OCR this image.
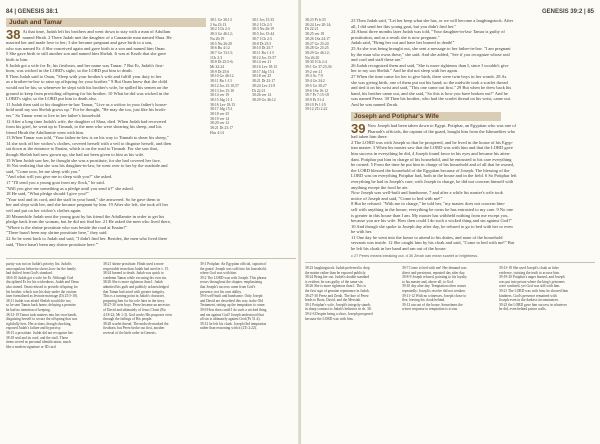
84 | GENESIS 38:1
Judah and Tamar
38 At that time, Judah left his brothers and went down to stay with a man of Adullam
named Hirah. 2 There Judah met the daughter of a Canaanite man named Shua. He
married her and made love to her; 3 she became pregnant and gave birth to a son,
who was named Er. 4 She conceived again and gave birth to a son and named him Onan.
5 She gave birth to still another son and named him Shelah. It was at Kezib that she gave
birth to him.
6 Judah got a wife for Er, his firstborn, and her name was Tamar. 7 But Er, Judah's first-
born, was wicked in the LORD's sight; so the LORD put him to death.
8 Then Judah said to Onan, "Sleep with your brother's wife and fulfill your duty to her
as a brother-in-law to raise up offspring for your brother." 9 But Onan knew that the child
would not be his; so whenever he slept with his brother's wife, he spilled his semen on the
ground to keep from providing offspring for his brother. 10 What he did was wicked in the
LORD's sight; so the LORD put him to death also.
11 Judah then said to his daughter-in-law Tamar, "Live as a widow in your father's house-
hold until my son Shelah grows up." For he thought, "He may die too, just like his broth-
ers." So Tamar went to live in her father's household.
12 After a long time Judah's wife, the daughter of Shua, died. When Judah had recovered
from his grief, he went up to Timnah, to the men who were shearing his sheep, and his
friend Hirah the Adullamite went with him.
13 When Tamar was told, "Your father-in-law is on his way to Timnah to shear his sheep,"
14 she took off her widow's clothes, covered herself with a veil to disguise herself, and then
sat down at the entrance to Enaim, which is on the road to Timnah. For she saw that,
though Shelah had now grown up, she had not been given to him as his wife.
15 When Judah saw her, he thought she was a prostitute, for she had covered her face.
16 Not realizing that she was his daughter-in-law, he went over to her by the roadside and
said, "Come now, let me sleep with you."
"And what will you give me to sleep with you?" she asked.
17 "I'll send you a young goat from my flock," he said.
"Will you give me something as a pledge until you send it?" she asked.
18 He said, "What pledge should I give you?"
"Your seal and its cord, and the staff in your hand," she answered. So he gave them to
her and slept with her, and she became pregnant by him. 19 After she left, she took off her
veil and put on her widow's clothes again.
20 Meanwhile Judah sent the young goat by his friend the Adullamite in order to get his
pledge back from the woman, but he did not find her. 21 He asked the men who lived there,
"Where is the shrine prostitute who was beside the road at Enaim?"
"There hasn't been any shrine prostitute here," they said.
22 So he went back to Judah and said, "I didn't find her. Besides, the men who lived there
said, 'There hasn't been any shrine prostitute here.'"
38:1 Ge 30:13
2 Sa 23:13
38:2 1Ch 2:3
38:3 Ge 46:12;
Nu 26:19
38:5 Nu 26:20
38:6 Ru 4:12
38:7 Ge 13:13;
1Ch 2:3
38:8 Dt 25:5-6;
Mt 22:24
38:9 Dt 25:6
38:10 Ge 46:12
38:11 Ru 1:13
38:12 Jos 15:10,57
38:13 Jos 15:10
38:14 ver 19
38:15 Jdg 11:1
38:16 Lev 18:15
38:17 Jdg 15:1
38:18 ver 25
38:19 ver 14
38:20 ver 12
38:21 Dt 23:17
Hos 4:14
38:1 Jos 15:35
38:2 1Ch 2:3
38:3 Nu 26:19
38:5 Jos 15:44
38:7 1Ch 2:3
38:8 Dt 25:5
38:10 Dt 25:7
38:11 Ru 1:13
38:12 Jos 15:57
38:14 ver 21
38:16 Lev 18:15
38:17 Jdg 15:1
38:18 ver 25
38:21 Dt 23:17
38:24 Lev 21:9
Dt 22:21
38:26 ver 14
38:29 Ge 46:12
purity was not on Judah's priority list. Judah's
unscrupulous behavior shows how far the family
had drifted from God's standard.
38:6-10 Judah got a wife for Er. Although God
disciplined Er for his wickedness, Judah and Onan
also sinned. Onan refused to provide offspring for
his brother, which was his duty under the custom
later formalized as levirate marriage (Dt 25:5-10).
38:11 Judah was afraid Shelah would die too,
so he sent Tamar back home, delaying a promise
he had no intention of keeping.
38:12-19 Tamar took matters into her own hands,
disguising herself to secure the offspring that was
rightfully hers. Her actions, though shocking,
exposed Judah's failure and hypocrisy.
38:15 a prostitute. Judah did not recognize her.
38:18 seal and its cord, and the staff. These
items served as personal identification, much
like a modern signature or ID card.
38:21 shrine prostitute. Hirah used a more
respectable term than Judah had used in v. 15.
38:24 burned to death. Judah was quick to
condemn Tamar while excusing his own sin.
38:26 She is more righteous than I. Judah
admitted his guilt and publicly acknowledged
that Tamar had acted with greater integrity.
This is a turning point in Judah's character,
preparing him for his role later in the story.
38:27-30 twin boys. Perez became an ancestor
of David and ultimately of Jesus Christ (Ru
4:18-22; Mt 1:3). God works His purposes even
through the failings of His people.
38:28 scarlet thread. The midwife marked the
firstborn, but Perez broke out first, another
reversal of the birth order in Genesis.
39:1 Potiphar. An Egyptian official, captain of
the guard. Joseph was sold into his household,
where God was with him.
39:2 The LORD was with Joseph. This phrase
recurs throughout the chapter, emphasizing
that Joseph's success came from God's
presence, not his own ability.
39:6 well-built and handsome. Only Joseph
and David are described this way in the Old
Testament, setting up the temptation to come.
39:9 How then could I do such a wicked thing
and sin against God? Joseph understood that
all sin is ultimately against God (Ps 51:4).
39:12 he left his cloak. Joseph fled temptation
rather than reasoning with it (2Ti 2:22).
GENESIS 39:2 | 85
38:23 Pr 6:33
38:24 Lev 20:14;
Dt 22:21
38:25 ver 18
38:26 1Sa 24:17
38:27 Ge 25:24
38:28 Ge 25:25
38:29 Ge 46:12;
Nu 26:20
38:30 1Ch 2:4
39:1 Ge 37:25,36
39:2 ver 21
39:3 Ac 7:9
39:4 Ge 24:2
39:5 Ge 30:27
39:6 1Sa 16:12
39:7 Pr 7:15-18
39:9 Ps 51:4
39:10 Pr 1:10
39:12 2Ti 2:22
23 Then Judah said, "Let her keep what she has, or we will become a laughingstock. After
all, I did send her this young goat, but you didn't find her."
24 About three months later Judah was told, "Your daughter-in-law Tamar is guilty of
prostitution, and as a result she is now pregnant."
Judah said, "Bring her out and have her burned to death!"
25 As she was being brought out, she sent a message to her father-in-law. "I am pregnant
by the man who owns these," she said. And she added, "See if you recognize whose seal
and cord and staff these are."
26 Judah recognized them and said, "She is more righteous than I, since I wouldn't give
her to my son Shelah." And he did not sleep with her again.
27 When the time came for her to give birth, there were twin boys in her womb. 28 As
she was giving birth, one of them put out his hand; so the midwife took a scarlet thread
and tied it on his wrist and said, "This one came out first." 29 But when he drew back his
hand, his brother came out, and she said, "So this is how you have broken out!" And he
was named Perez. 30 Then his brother, who had the scarlet thread on his wrist, came out.
And he was named Zerah.
Joseph and Potiphar's Wife
39 Now Joseph had been taken down to Egypt. Potiphar, an Egyptian who was one of
Pharaoh's officials, the captain of the guard, bought him from the Ishmaelites who
had taken him there.
2 The LORD was with Joseph so that he prospered, and he lived in the house of his Egyp-
tian master. 3 When his master saw that the LORD was with him and that the LORD gave
him success in everything he did, 4 Joseph found favor in his eyes and became his atten-
dant. Potiphar put him in charge of his household, and he entrusted to his care everything
he owned. 5 From the time he put him in charge of his household and of all that he owned,
the LORD blessed the household of the Egyptian because of Joseph. The blessing of the
LORD was on everything Potiphar had, both in the house and in the field. 6 So Potiphar left
everything he had in Joseph's care; with Joseph in charge, he did not concern himself with
anything except the food he ate.
Now Joseph was well-built and handsome, 7 and after a while his master's wife took
notice of Joseph and said, "Come to bed with me!"
8 But he refused. "With me in charge," he told her, "my master does not concern him-
self with anything in the house; everything he owns he has entrusted to my care. 9 No one
is greater in this house than I am. My master has withheld nothing from me except you,
because you are his wife. How then could I do such a wicked thing and sin against God?"
10 And though she spoke to Joseph day after day, he refused to go to bed with her or even
be with her.
11 One day he went into the house to attend to his duties, and none of the household
servants was inside. 12 She caught him by his cloak and said, "Come to bed with me!" But
he left his cloak in her hand and ran out of the house.
c 27 Peres means breaking out. d 30 Zerah can mean scarlet or brightness.
38:23 laughingstock. Judah preferred to drop
the matter rather than be exposed publicly.
38:24 Bring her out. Judah's double standard
is evident; he was guilty of the same sin.
38:26 She is more righteous than I. This is
the first sign of genuine repentance in Judah.
38:27-30 Perez and Zerah. The line of Perez
leads to Boaz, David, and the Messiah.
39:1 Potiphar's wife. Joseph's integrity stands
in sharp contrast to Judah's behavior in ch. 38.
39:2-6 Despite being a slave, Joseph prospered
because the LORD was with him.
39:7 Come to bed with me! Her demand was
direct and persistent, repeated day after day.
39:8-9 Joseph refused, pointing to his loyalty
to his master and, above all, to God.
39:10 day after day. Temptation often comes
repeatedly; Joseph's resolve did not weaken.
39:11-12 With no witnesses, Joseph chose to
flee, leaving his cloak behind.
39:12 ran out of the house. Sometimes the
wisest response to temptation is to run.
39:13-18 She used Joseph's cloak as false
evidence, twisting the truth to accuse him.
39:19-20 Potiphar's anger burned, and Joseph
was put into prison where the king's prisoners
were confined, yet God was still with him.
39:21 The LORD was with him; he showed him
kindness. God's presence remained with
Joseph even in the darkest circumstances.
39:23 the LORD gave him success in whatever
he did, even behind prison walls.
